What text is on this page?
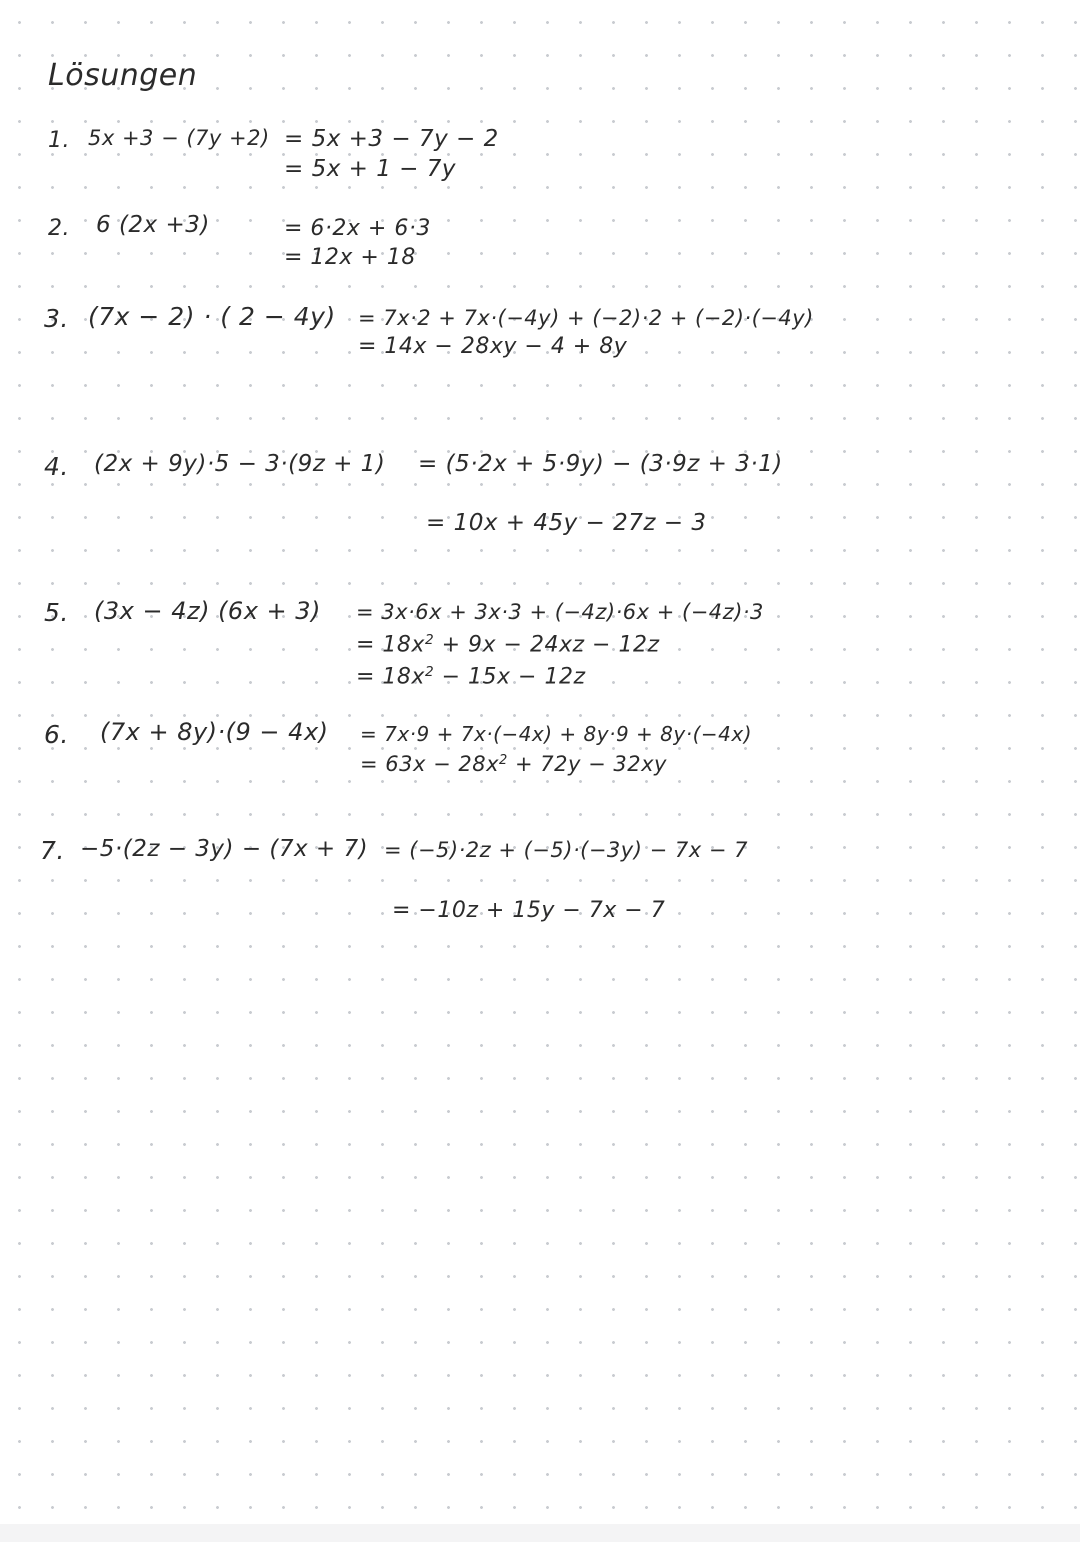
Lösungen
1. 5x +3 − (7y +2) = 5x +3 − 7y − 2
= 5x + 1 − 7y
2. 6 (2x +3)	= 6·2x + 6·3
= 12x + 18
3. (7x − 2) · ( 2 − 4y) = 7x·2 + 7x·(−4y) + (−2)·2 + (−2)·(−4y)
= 14x − 28xy − 4 + 8y
4. (2x + 9y)·5 − 3·(9z + 1) = (5·2x + 5·9y) − (3·9z + 3·1)
= 10x + 45y − 27z − 3
5. (3x − 4z) (6x + 3) = 3x·6x + 3x·3 + (−4z)·6x + (−4z)·3
= $18x^2 + 9x - 24xz - 12z$
= $18x^2 - 15x - 12z$
6. (7x + 8y)·(9 − 4x) = 7x·9 + 7x·(−4x) + 8y·9 + 8y·(−4x)
= $63x - 28x^2 + 72y - 32xy$
7. −5·(2z − 3y) − (7x + 7) = (−5)·2z + (−5)·(−3y) − 7x − 7
= −10z + 15y − 7x − 7
